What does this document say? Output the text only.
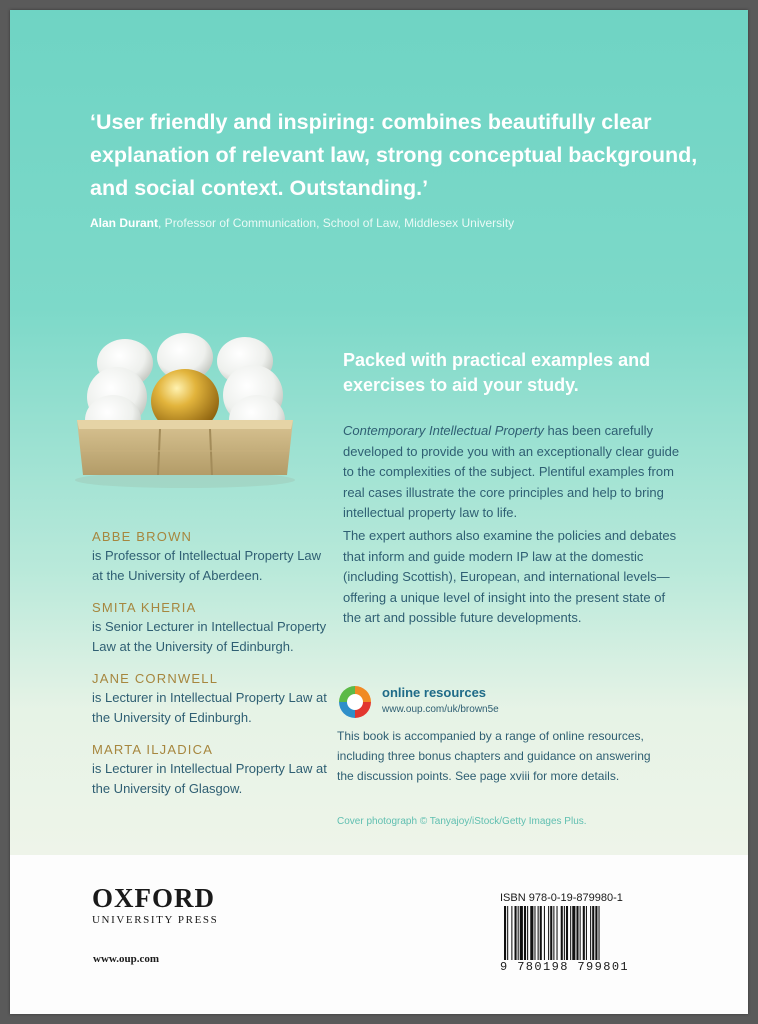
‘User friendly and inspiring: combines beautifully clear explanation of relevant law, strong conceptual background, and social context. Outstanding.’

Alan Durant, Professor of Communication, School of Law, Middlesex University

Packed with practical examples and exercises to aid your study.

Contemporary Intellectual Property has been carefully developed to provide you with an exceptionally clear guide to the complexities of the subject. Plentiful examples from real cases illustrate the core principles and help to bring intellectual property law to life.

The expert authors also examine the policies and debates that inform and guide modern IP law at the domestic (including Scottish), European, and international levels—offering a unique level of insight into the present state of the art and possible future developments.

ABBE BROWN

is Professor of Intellectual Property Law at the University of Aberdeen.

SMITA KHERIA

is Senior Lecturer in Intellectual Property Law at the University of Edinburgh.

JANE CORNWELL

is Lecturer in Intellectual Property Law at the University of Edinburgh.

MARTA ILJADICA

is Lecturer in Intellectual Property Law at the University of Glasgow.

online resources

www.oup.com/uk/brown5e

This book is accompanied by a range of online resources, including three bonus chapters and guidance on answering the discussion points. See page xviii for more details.

Cover photograph © Tanyajoy/iStock/Getty Images Plus.

OXFORD

UNIVERSITY PRESS

www.oup.com

ISBN 978-0-19-879980-1

9 780198 799801
